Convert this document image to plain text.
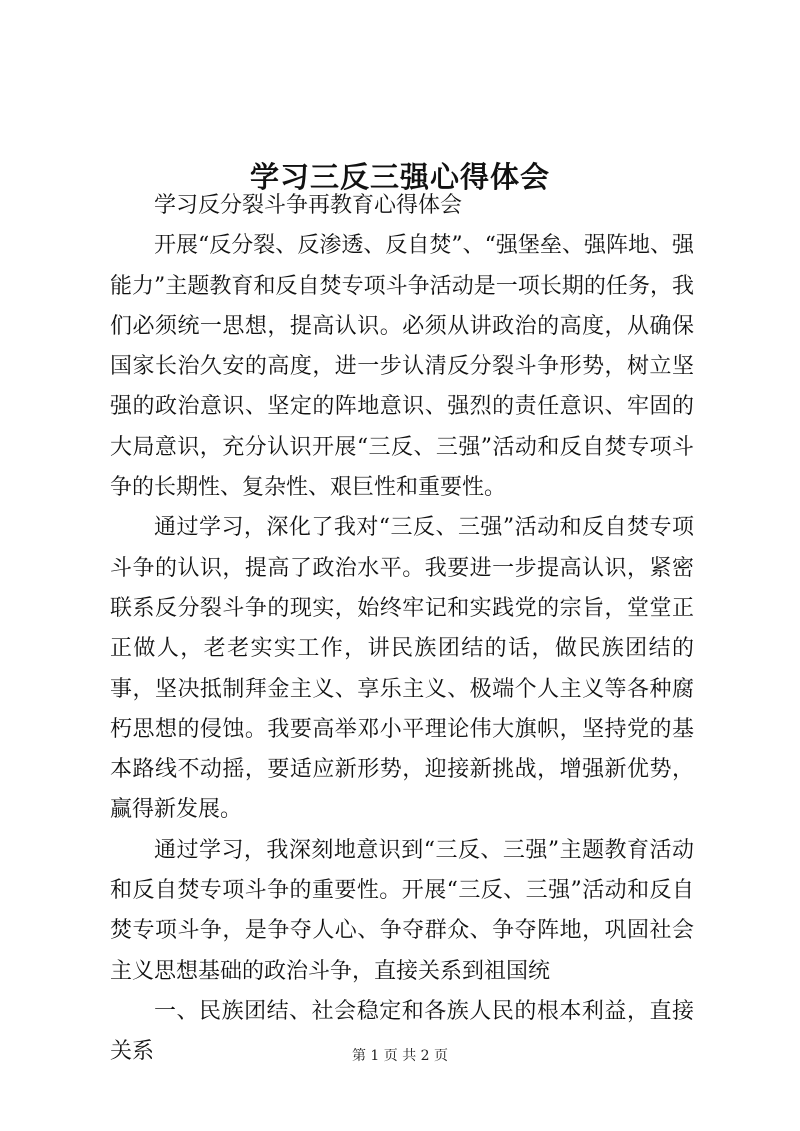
学习三反三强心得体会

学习反分裂斗争再教育心得体会

开展“反分裂、反渗透、反自焚”、“强堡垒、强阵地、强能力”主题教育和反自焚专项斗争活动是一项长期的任务，我们必须统一思想，提高认识。必须从讲政治的高度，从确保国家长治久安的高度，进一步认清反分裂斗争形势，树立坚强的政治意识、坚定的阵地意识、强烈的责任意识、牢固的大局意识，充分认识开展“三反、三强”活动和反自焚专项斗争的长期性、复杂性、艰巨性和重要性。

通过学习，深化了我对“三反、三强”活动和反自焚专项斗争的认识，提高了政治水平。我要进一步提高认识，紧密联系反分裂斗争的现实，始终牢记和实践党的宗旨，堂堂正正做人，老老实实工作，讲民族团结的话，做民族团结的事，坚决抵制拜金主义、享乐主义、极端个人主义等各种腐朽思想的侵蚀。我要高举邓小平理论伟大旗帜，坚持党的基本路线不动摇，要适应新形势，迎接新挑战，增强新优势，赢得新发展。

通过学习，我深刻地意识到“三反、三强”主题教育活动和反自焚专项斗争的重要性。开展“三反、三强”活动和反自焚专项斗争，是争夺人心、争夺群众、争夺阵地，巩固社会主义思想基础的政治斗争，直接关系到祖国统

一、民族团结、社会稳定和各族人民的根本利益，直接关系	第 1 页 共 2 页
